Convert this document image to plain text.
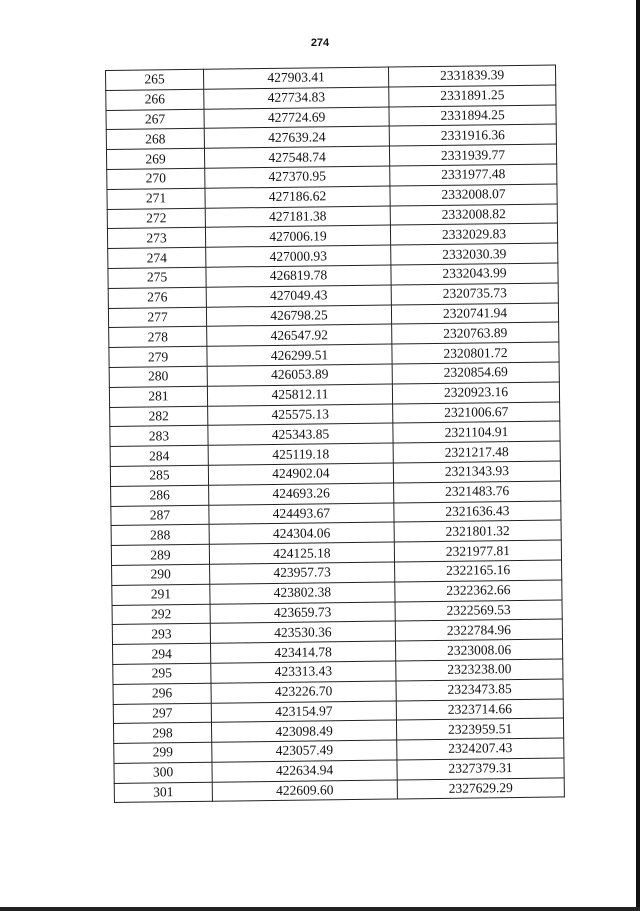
274
265	427903.41	2331839.39
266	427734.83	2331891.25
267	427724.69	2331894.25
268	427639.24	2331916.36
269	427548.74	2331939.77
270	427370.95	2331977.48
271	427186.62	2332008.07
272	427181.38	2332008.82
273	427006.19	2332029.83
274	427000.93	2332030.39
275	426819.78	2332043.99
276	427049.43	2320735.73
277	426798.25	2320741.94
278	426547.92	2320763.89
279	426299.51	2320801.72
280	426053.89	2320854.69
281	425812.11	2320923.16
282	425575.13	2321006.67
283	425343.85	2321104.91
284	425119.18	2321217.48
285	424902.04	2321343.93
286	424693.26	2321483.76
287	424493.67	2321636.43
288	424304.06	2321801.32
289	424125.18	2321977.81
290	423957.73	2322165.16
291	423802.38	2322362.66
292	423659.73	2322569.53
293	423530.36	2322784.96
294	423414.78	2323008.06
295	423313.43	2323238.00
296	423226.70	2323473.85
297	423154.97	2323714.66
298	423098.49	2323959.51
299	423057.49	2324207.43
300	422634.94	2327379.31
301	422609.60	2327629.29
